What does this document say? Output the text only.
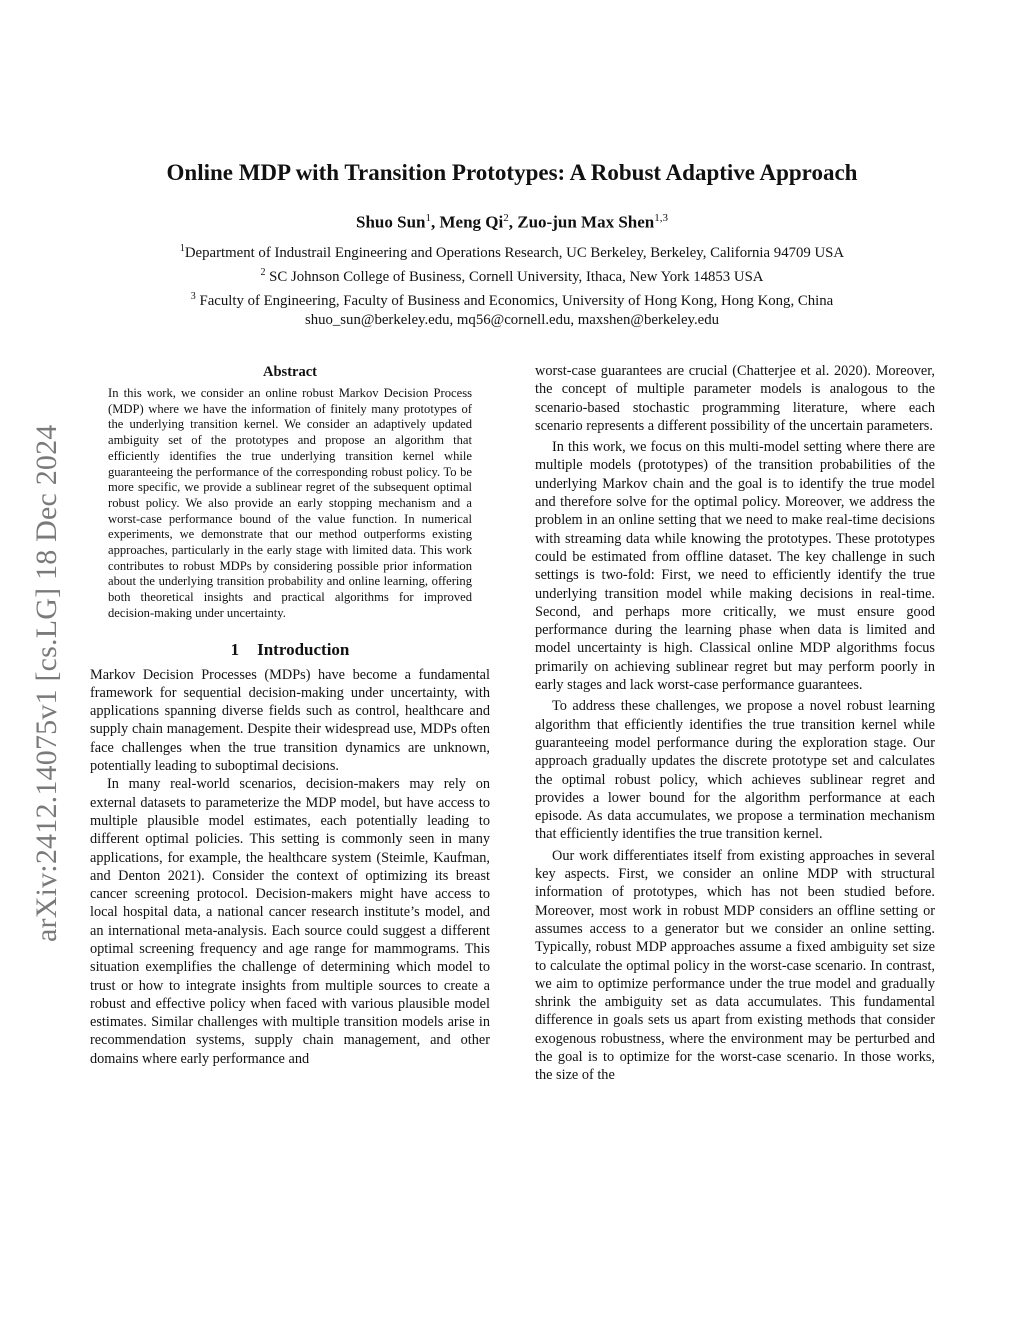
arXiv:2412.14075v1 [cs.LG] 18 Dec 2024
Online MDP with Transition Prototypes: A Robust Adaptive Approach
Shuo Sun$^1$, Meng Qi$^2$, Zuo-jun Max Shen$^{1,3}$
$^1$Department of Industrail Engineering and Operations Research, UC Berkeley, Berkeley, California 94709 USA
$^2$ SC Johnson College of Business, Cornell University, Ithaca, New York 14853 USA
$^3$ Faculty of Engineering, Faculty of Business and Economics, University of Hong Kong, Hong Kong, China
shuo_sun@berkeley.edu, mq56@cornell.edu, maxshen@berkeley.edu
Abstract

In this work, we consider an online robust Markov Decision Process (MDP) where we have the information of finitely many prototypes of the underlying transition kernel. We consider an adaptively updated ambiguity set of the prototypes and propose an algorithm that efficiently identifies the true underlying transition kernel while guaranteeing the performance of the corresponding robust policy. To be more specific, we provide a sublinear regret of the subsequent optimal robust policy. We also provide an early stopping mechanism and a worst-case performance bound of the value function. In numerical experiments, we demonstrate that our method outperforms existing approaches, particularly in the early stage with limited data. This work contributes to robust MDPs by considering possible prior information about the underlying transition probability and online learning, offering both theoretical insights and practical algorithms for improved decision-making under uncertainty.

1 Introduction

Markov Decision Processes (MDPs) have become a fundamental framework for sequential decision-making under uncertainty, with applications spanning diverse fields such as control, healthcare and supply chain management. Despite their widespread use, MDPs often face challenges when the true transition dynamics are unknown, potentially leading to suboptimal decisions.

In many real-world scenarios, decision-makers may rely on external datasets to parameterize the MDP model, but have access to multiple plausible model estimates, each potentially leading to different optimal policies. This setting is commonly seen in many applications, for example, the healthcare system (Steimle, Kaufman, and Denton 2021). Consider the context of optimizing its breast cancer screening protocol. Decision-makers might have access to local hospital data, a national cancer research institute’s model, and an international meta-analysis. Each source could suggest a different optimal screening frequency and age range for mammograms. This situation exemplifies the challenge of determining which model to trust or how to integrate insights from multiple sources to create a robust and effective policy when faced with various plausible model estimates. Similar challenges with multiple transition models arise in recommendation systems, supply chain management, and other domains where early performance and

worst-case guarantees are crucial (Chatterjee et al. 2020). Moreover, the concept of multiple parameter models is analogous to the scenario-based stochastic programming literature, where each scenario represents a different possibility of the uncertain parameters.

In this work, we focus on this multi-model setting where there are multiple models (prototypes) of the transition probabilities of the underlying Markov chain and the goal is to identify the true model and therefore solve for the optimal policy. Moreover, we address the problem in an online setting that we need to make real-time decisions with streaming data while knowing the prototypes. These prototypes could be estimated from offline dataset. The key challenge in such settings is two-fold: First, we need to efficiently identify the true underlying transition model while making decisions in real-time. Second, and perhaps more critically, we must ensure good performance during the learning phase when data is limited and model uncertainty is high. Classical online MDP algorithms focus primarily on achieving sublinear regret but may perform poorly in early stages and lack worst-case performance guarantees.

To address these challenges, we propose a novel robust learning algorithm that efficiently identifies the true transition kernel while guaranteeing model performance during the exploration stage. Our approach gradually updates the discrete prototype set and calculates the optimal robust policy, which achieves sublinear regret and provides a lower bound for the algorithm performance at each episode. As data accumulates, we propose a termination mechanism that efficiently identifies the true transition kernel.

Our work differentiates itself from existing approaches in several key aspects. First, we consider an online MDP with structural information of prototypes, which has not been studied before. Moreover, most work in robust MDP considers an offline setting or assumes access to a generator but we consider an online setting. Typically, robust MDP approaches assume a fixed ambiguity set size to calculate the optimal policy in the worst-case scenario. In contrast, we aim to optimize performance under the true model and gradually shrink the ambiguity set as data accumulates. This fundamental difference in goals sets us apart from existing methods that consider exogenous robustness, where the environment may be perturbed and the goal is to optimize for the worst-case scenario. In those works, the size of the
